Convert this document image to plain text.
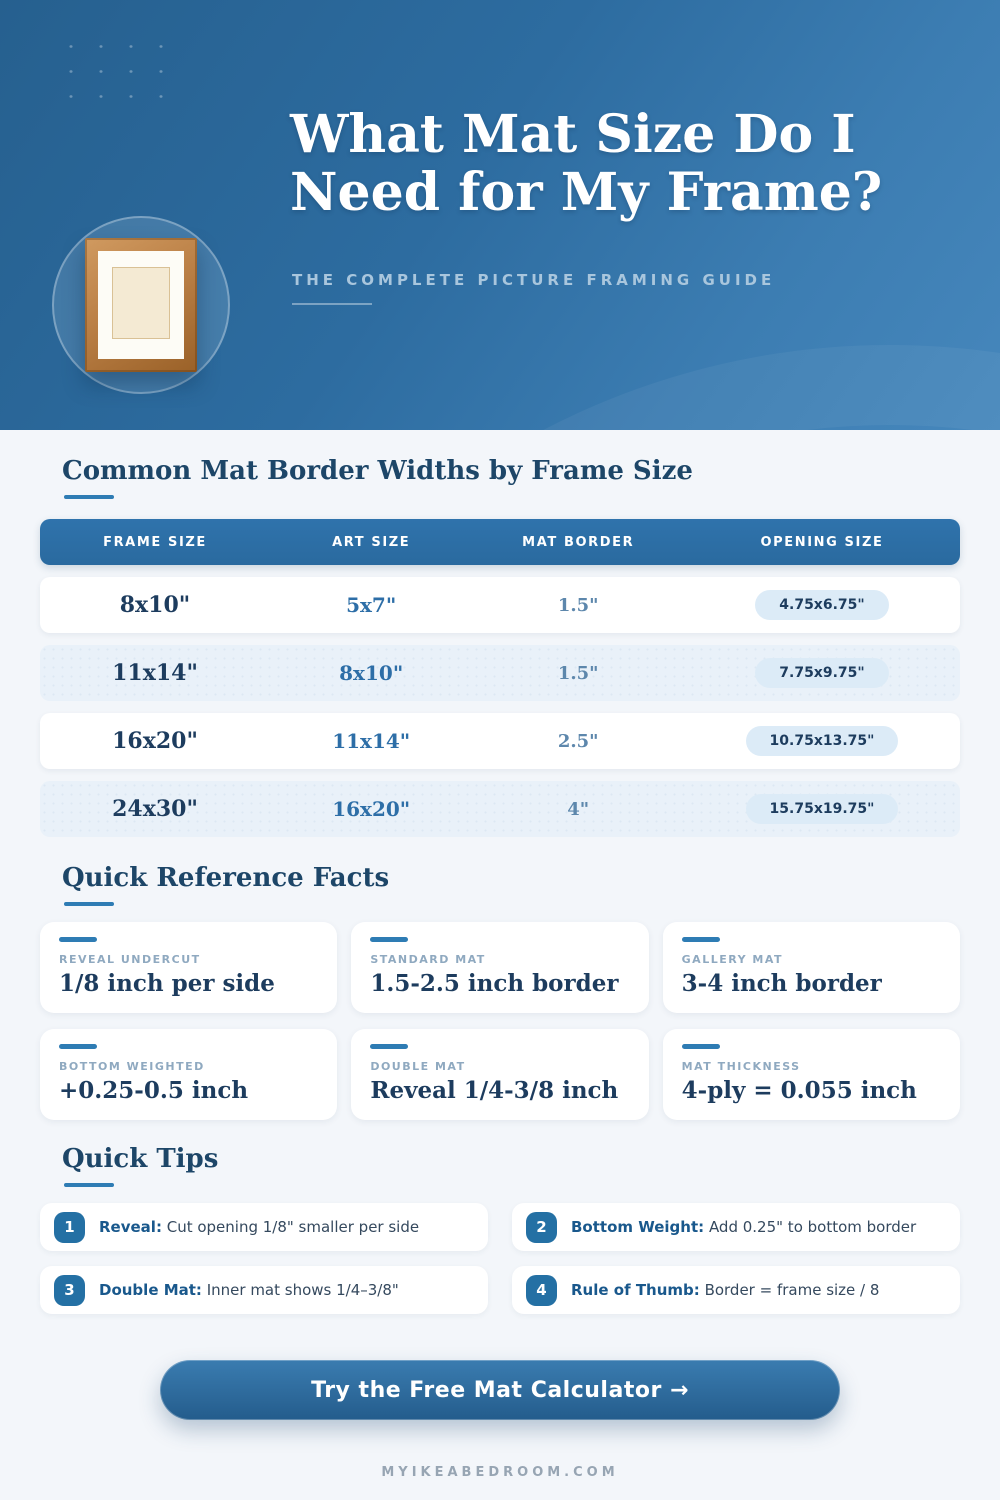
What Mat Size Do I
Need for My Frame?
THE COMPLETE PICTURE FRAMING GUIDE
Common Mat Border Widths by Frame Size
FRAME SIZE	ART SIZE	MAT BORDER	OPENING SIZE
8x10"	5x7"	1.5"	4.75x6.75"
11x14"	8x10"	1.5"	7.75x9.75"
16x20"	11x14"	2.5"	10.75x13.75"
24x30"	16x20"	4"	15.75x19.75"
Quick Reference Facts
REVEAL UNDERCUT
1/8 inch per side
STANDARD MAT
1.5-2.5 inch border
GALLERY MAT
3-4 inch border
BOTTOM WEIGHTED
+0.25-0.5 inch
DOUBLE MAT
Reveal 1/4-3/8 inch
MAT THICKNESS
4-ply = 0.055 inch
Quick Tips
1	Reveal: Cut opening 1/8" smaller per side	2	Bottom Weight: Add 0.25" to bottom border
3	Double Mat: Inner mat shows 1/4–3/8"	4	Rule of Thumb: Border = frame size / 8
Try the Free Mat Calculator →
MYIKEABEDROOM.COM
